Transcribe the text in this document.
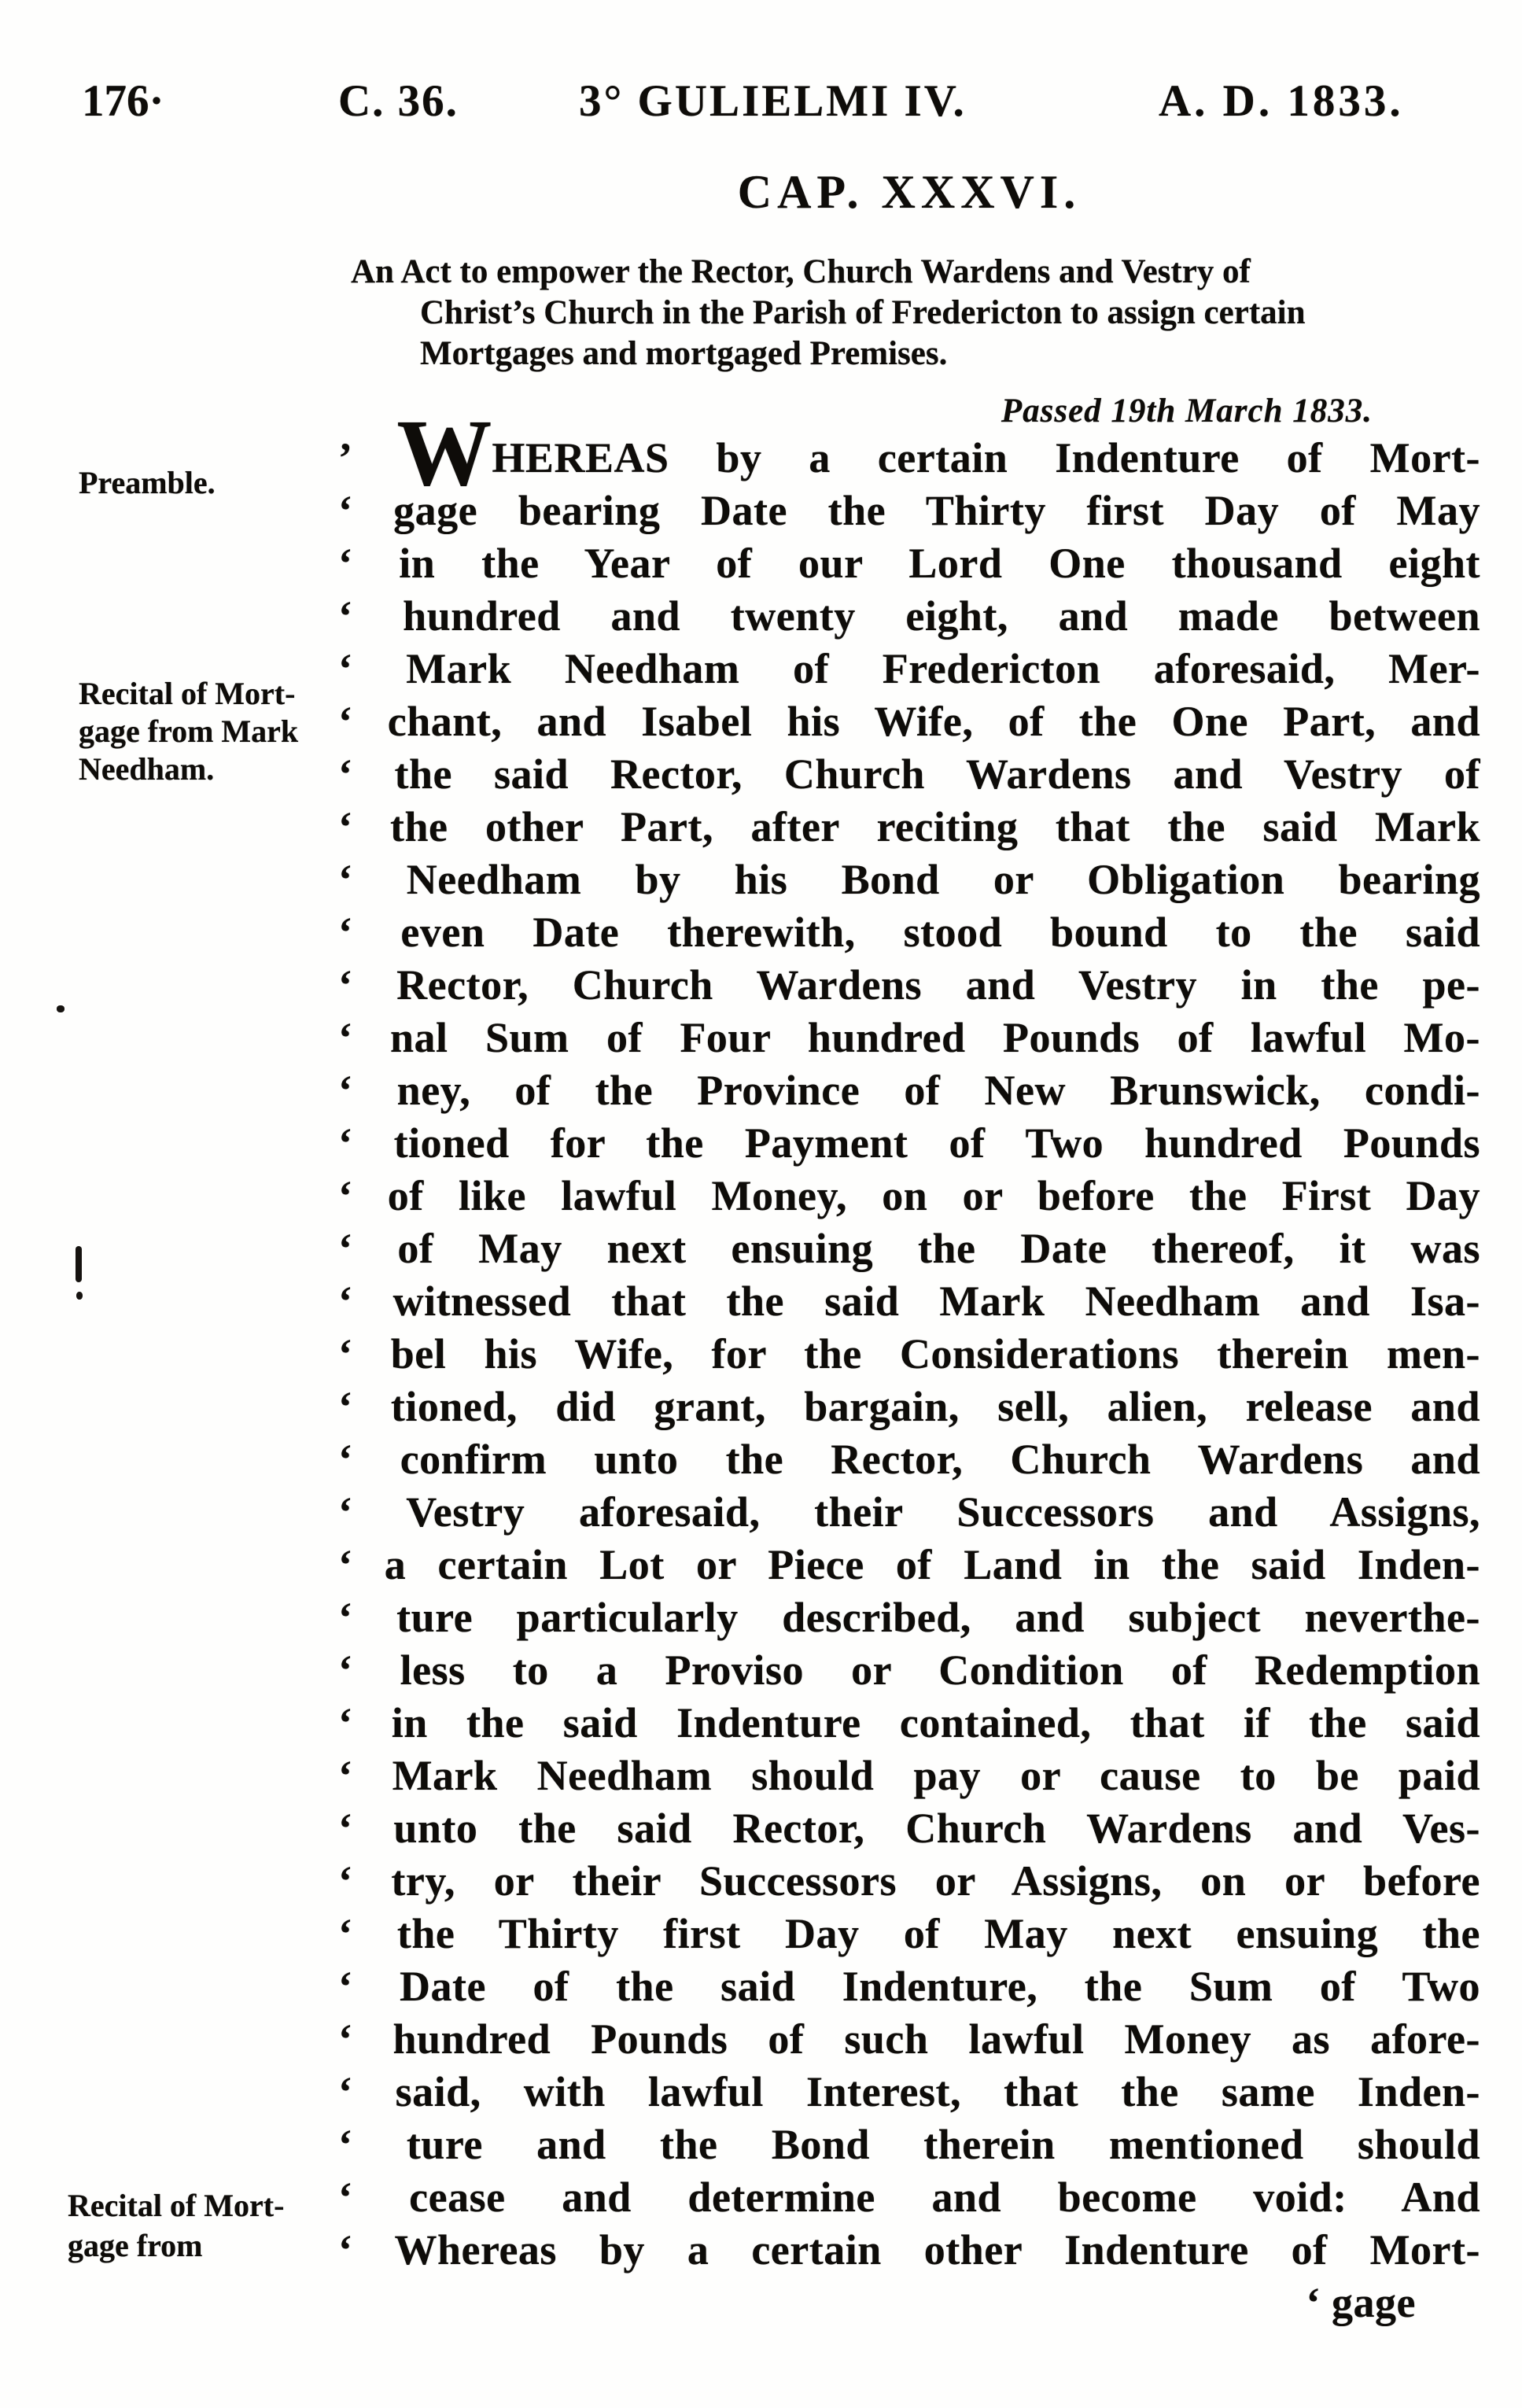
176·	C. 36.	3° GULIELMI IV.	A. D. 1833.
CAP. XXXVI.
An Act to empower the Rector, Church Wardens and Vestry of
Christ’s Church in the Parish of Fredericton to assign certain
Mortgages and mortgaged Premises.
Passed 19th March 1833.
Preamble.
Recital of Mort-
gage from Mark
Needham.
Recital of Mort-
gage from
’ WHEREAS by a certain Indenture of Mort-
‘ gage bearing Date the Thirty first Day of May
‘ in the Year of our Lord One thousand eight
‘ hundred and twenty eight, and made between
‘ Mark Needham of Fredericton aforesaid, Mer-
‘ chant, and Isabel his Wife, of the One Part, and
‘ the said Rector, Church Wardens and Vestry of
‘ the other Part, after reciting that the said Mark
‘ Needham by his Bond or Obligation bearing
‘ even Date therewith, stood bound to the said
‘ Rector, Church Wardens and Vestry in the pe-
‘ nal Sum of Four hundred Pounds of lawful Mo-
‘ ney, of the Province of New Brunswick, condi-
‘ tioned for the Payment of Two hundred Pounds
‘ of like lawful Money, on or before the First Day
‘ of May next ensuing the Date thereof, it was
‘ witnessed that the said Mark Needham and Isa-
‘ bel his Wife, for the Considerations therein men-
‘ tioned, did grant, bargain, sell, alien, release and
‘ confirm unto the Rector, Church Wardens and
‘ Vestry aforesaid, their Successors and Assigns,
‘ a certain Lot or Piece of Land in the said Inden-
‘ ture particularly described, and subject neverthe-
‘ less to a Proviso or Condition of Redemption
‘ in the said Indenture contained, that if the said
‘ Mark Needham should pay or cause to be paid
‘ unto the said Rector, Church Wardens and Ves-
‘ try, or their Successors or Assigns, on or before
‘ the Thirty first Day of May next ensuing the
‘ Date of the said Indenture, the Sum of Two
‘ hundred Pounds of such lawful Money as afore-
‘ said, with lawful Interest, that the same Inden-
‘ ture and the Bond therein mentioned should
‘ cease and determine and become void: And
‘ Whereas by a certain other Indenture of Mort-
‘ gage
